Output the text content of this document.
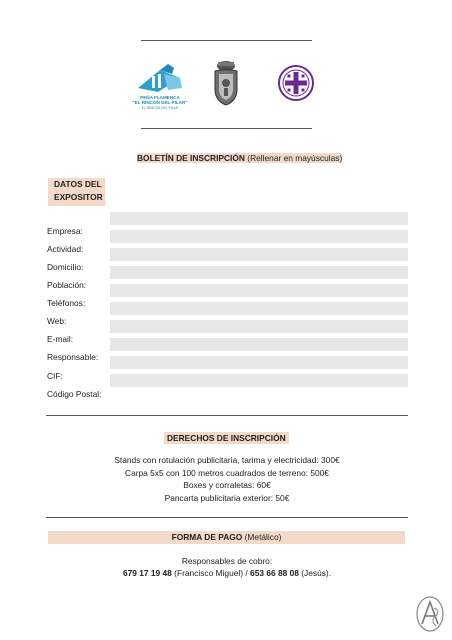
PEÑA FLAMENCA
"EL RINCÓN DEL PILAR"
EL RINCÓN DEL PILAR
BOLETÍN DE INSCRIPCIÓN (Rellenar en mayúsculas)
DATOS DEL
EXPOSITOR
Empresa:
Actividad:
Domicilio:
Población:
Teléfonos:
Web:
E-mail:
Responsable:
CIF:
Código Postal:
DERECHOS DE INSCRIPCIÓN
Stands con rotulación publicitaria, tarima y electricidad: 300€
Carpa 5x5 con 100 metros cuadrados de terreno: 500€
Boxes y corraletas: 60€
Pancarta publicitaria exterior: 50€
FORMA DE PAGO (Metálico)
Responsables de cobro:
679 17 19 48 (Francisco Miguel) / 653 66 88 08 (Jesús).
